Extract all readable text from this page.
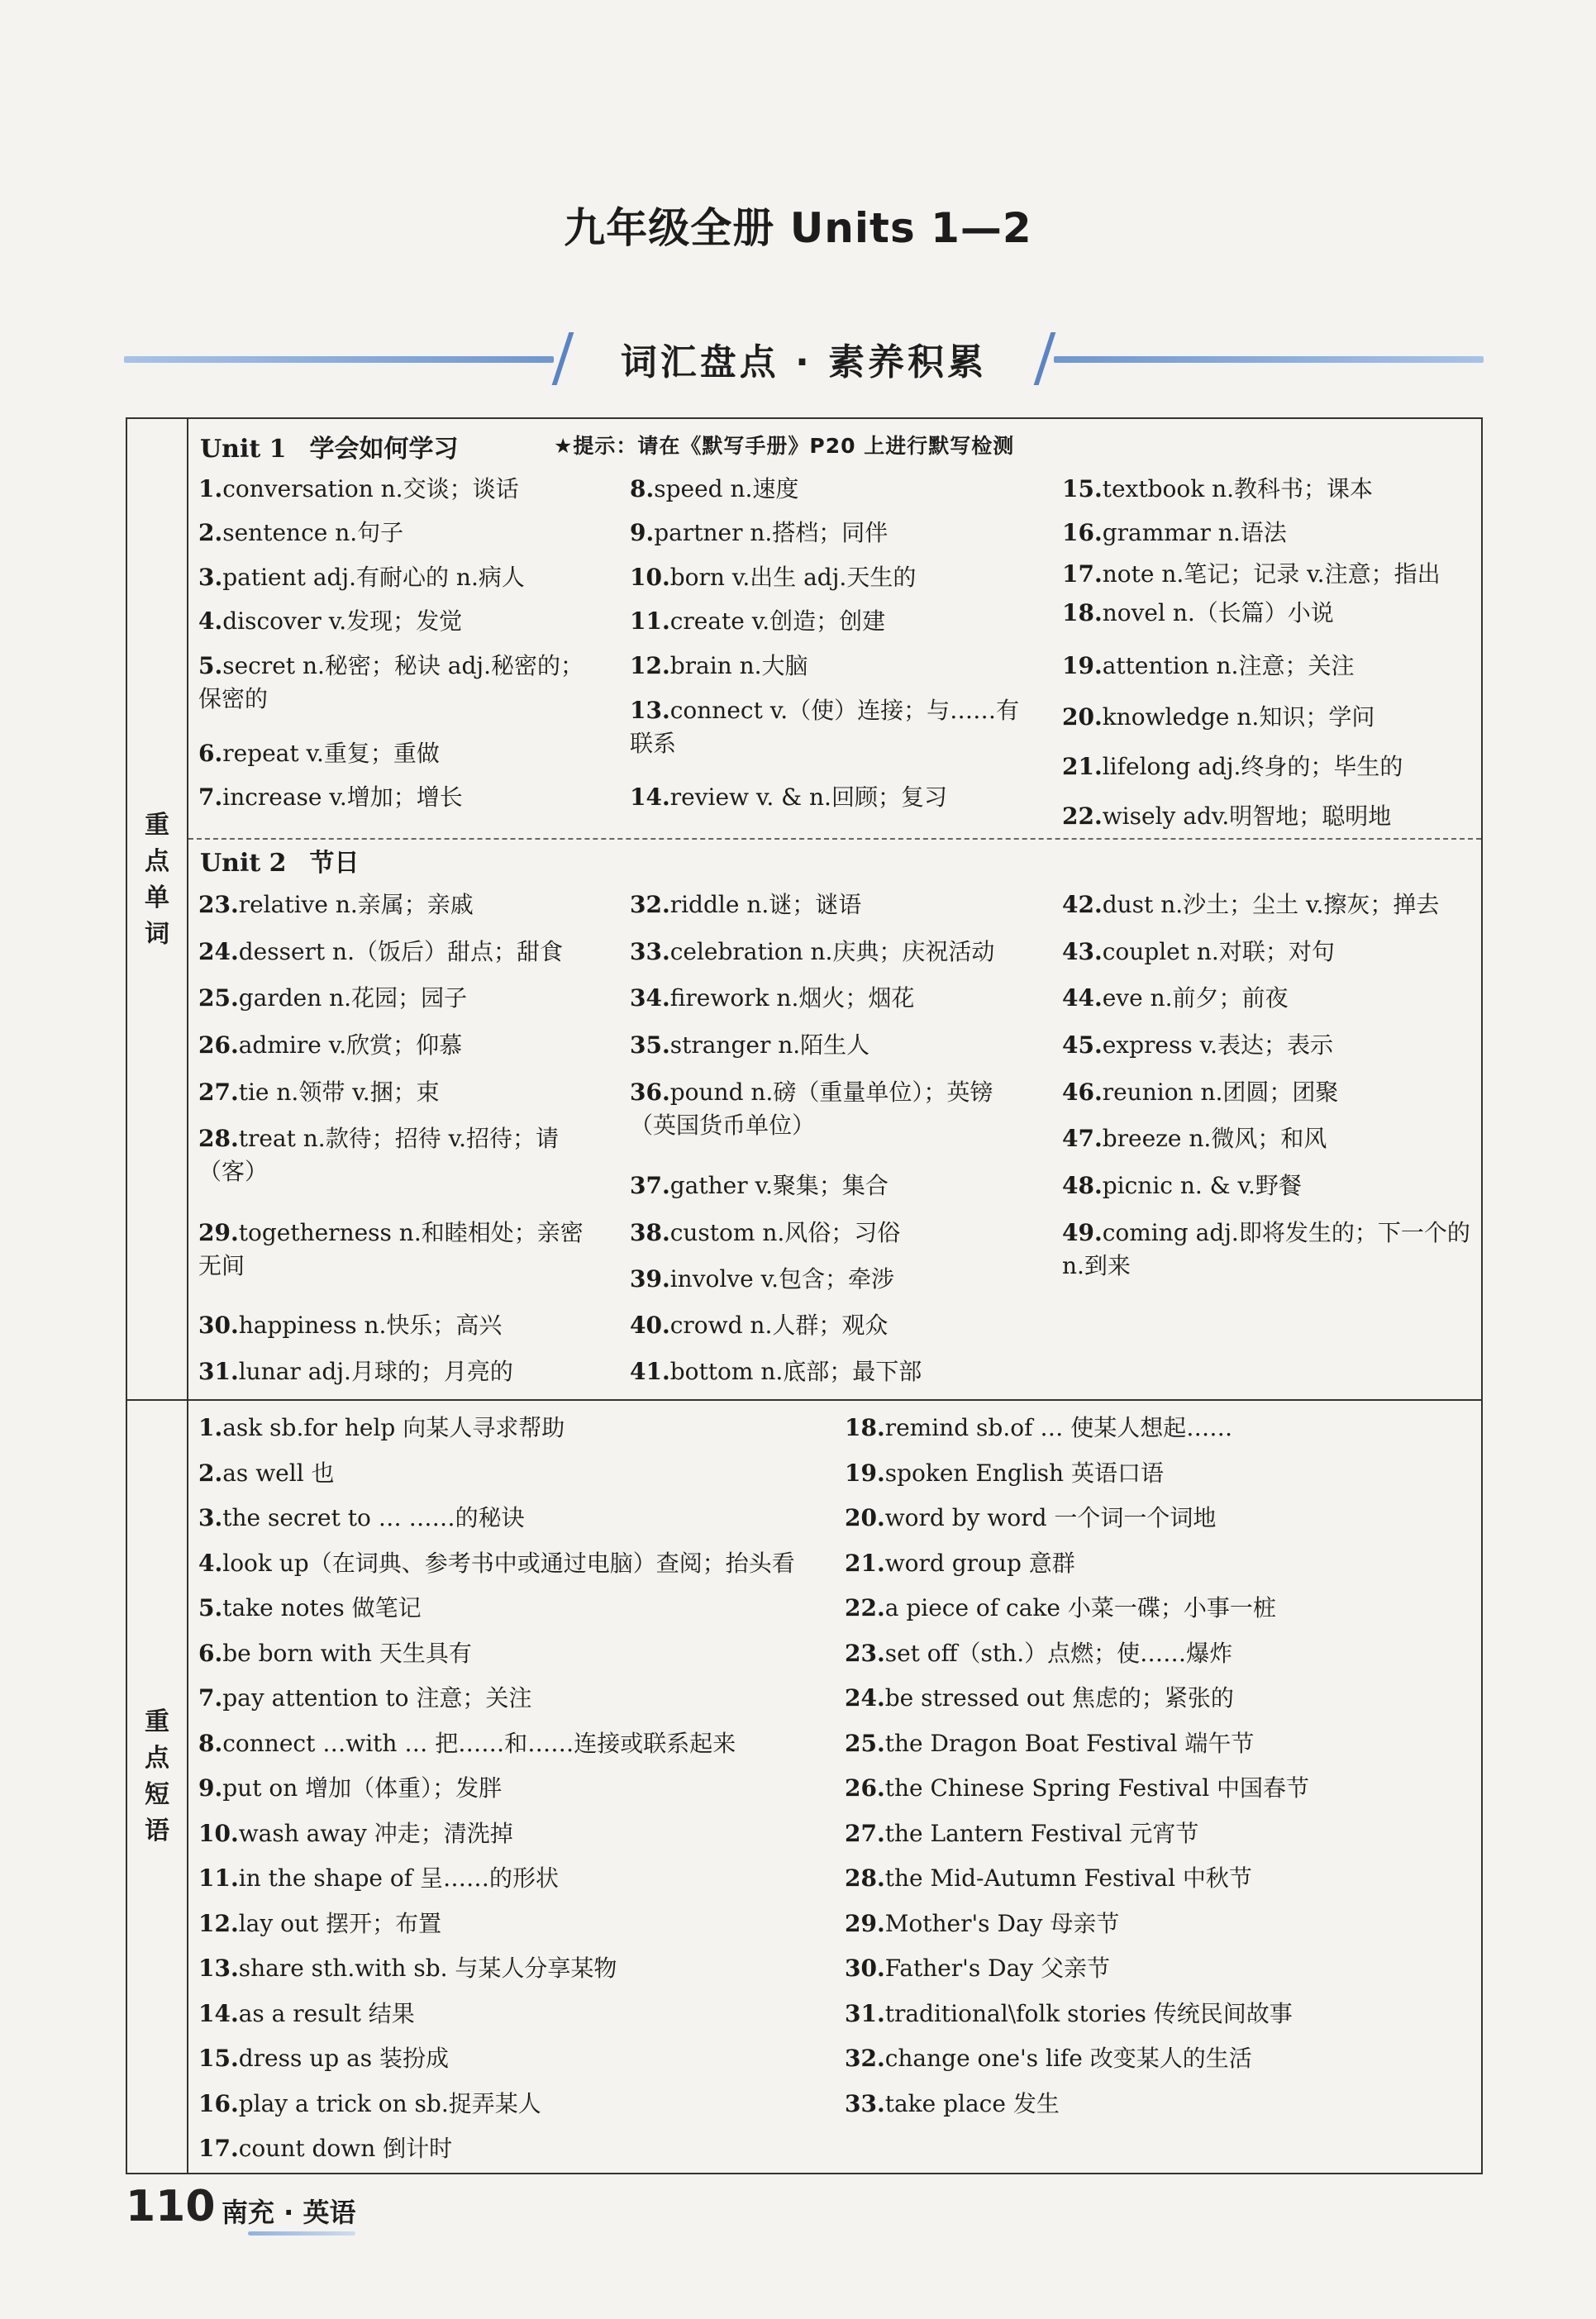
九年级全册 Units 1—2
词汇盘点 · 素养积累
重
点
单
词
重
点
短
语
Unit 1 学会如何学习	★提示：请在《默写手册》P20 上进行默写检测
Unit 2 节日
1.conversation n.交谈；谈话
2.sentence n.句子
3.patient adj.有耐心的 n.病人
4.discover v.发现；发觉
5.secret n.秘密；秘诀 adj.秘密的；保密的
6.repeat v.重复；重做
7.increase v.增加；增长
8.speed n.速度
9.partner n.搭档；同伴
10.born v.出生 adj.天生的
11.create v.创造；创建
12.brain n.大脑
13.connect v.（使）连接；与……有联系
14.review v. & n.回顾；复习
15.textbook n.教科书；课本
16.grammar n.语法
17.note n.笔记；记录 v.注意；指出
18.novel n.（长篇）小说
19.attention n.注意；关注
20.knowledge n.知识；学问
21.lifelong adj.终身的；毕生的
22.wisely adv.明智地；聪明地
23.relative n.亲属；亲戚
24.dessert n.（饭后）甜点；甜食
25.garden n.花园；园子
26.admire v.欣赏；仰慕
27.tie n.领带 v.捆；束
28.treat n.款待；招待 v.招待；请（客）
29.togetherness n.和睦相处；亲密无间
30.happiness n.快乐；高兴
31.lunar adj.月球的；月亮的
32.riddle n.谜；谜语
33.celebration n.庆典；庆祝活动
34.firework n.烟火；烟花
35.stranger n.陌生人
36.pound n.磅（重量单位）；英镑（英国货币单位）
37.gather v.聚集；集合
38.custom n.风俗；习俗
39.involve v.包含；牵涉
40.crowd n.人群；观众
41.bottom n.底部；最下部
42.dust n.沙土；尘土 v.擦灰；掸去
43.couplet n.对联；对句
44.eve n.前夕；前夜
45.express v.表达；表示
46.reunion n.团圆；团聚
47.breeze n.微风；和风
48.picnic n. & v.野餐
49.coming adj.即将发生的；下一个的 n.到来
1.ask sb.for help 向某人寻求帮助
2.as well 也
3.the secret to … ……的秘诀
4.look up（在词典、参考书中或通过电脑）查阅；抬头看
5.take notes 做笔记
6.be born with 天生具有
7.pay attention to 注意；关注
8.connect …with … 把……和……连接或联系起来
9.put on 增加（体重）；发胖
10.wash away 冲走；清洗掉
11.in the shape of 呈……的形状
12.lay out 摆开；布置
13.share sth.with sb. 与某人分享某物
14.as a result 结果
15.dress up as 装扮成
16.play a trick on sb.捉弄某人
17.count down 倒计时
18.remind sb.of … 使某人想起……
19.spoken English 英语口语
20.word by word 一个词一个词地
21.word group 意群
22.a piece of cake 小菜一碟；小事一桩
23.set off（sth.）点燃；使……爆炸
24.be stressed out 焦虑的；紧张的
25.the Dragon Boat Festival 端午节
26.the Chinese Spring Festival 中国春节
27.the Lantern Festival 元宵节
28.the Mid-Autumn Festival 中秋节
29.Mother's Day 母亲节
30.Father's Day 父亲节
31.traditional\folk stories 传统民间故事
32.change one's life 改变某人的生活
33.take place 发生
110 南充 · 英语
